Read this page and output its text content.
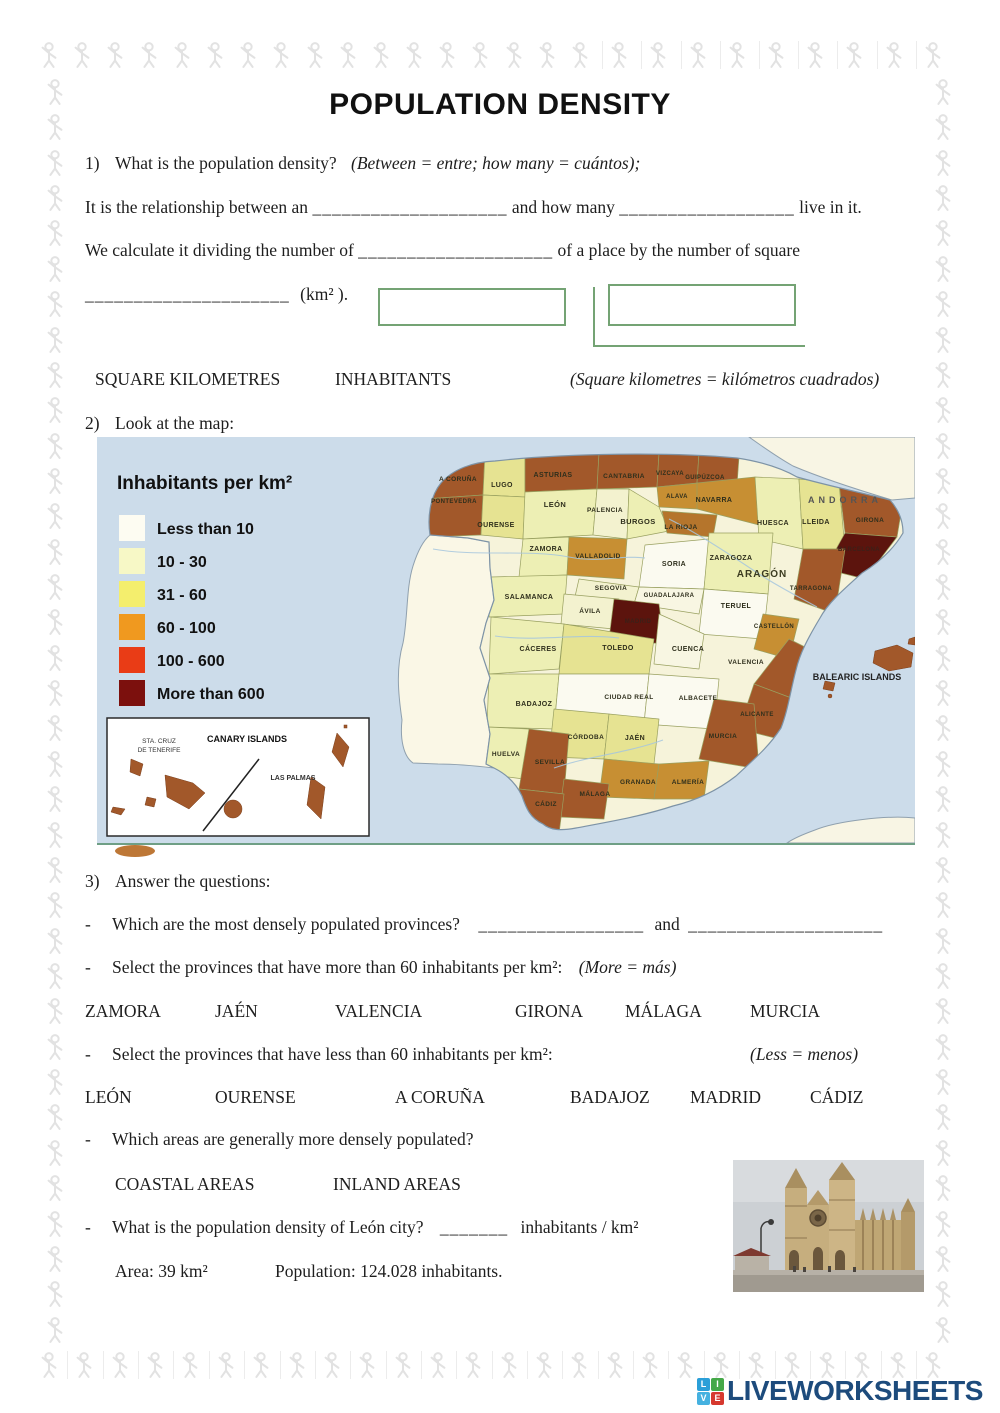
POPULATION DENSITY
1) What is the population density? (Between = entre; how many = cuántos);
It is the relationship between an ____________________ and how many __________________ live in it.
We calculate it dividing the number of ____________________ of a place by the number of square
_____________________ (km² ).
SQUARE KILOMETRES	INHABITANTS	(Square kilometres = kilómetros cuadrados)
2) Look at the map:
A CORUÑA
LUGO
PONTEVEDRA
OURENSE
ASTURIAS	CANTABRIA VIZCAYA
GUIPÚZCOA
ALAVA NAVARRA
LEÓN
PALENCIA
BURGOS
LA RIOJA
HUESCA LLEIDA	GIRONA
BARCELONA
ZAMORA
VALLADOLID
SORIA
ZARAGOZA
TARRAGONA
SEGOVIA
GUADALAJARA
SALAMANCA
ÁVILA
MADRID
TERUEL
CASTELLÓN
VALENCIA
CUENCA
CÁCERES	TOLEDO
BADAJOZ
CIUDAD REAL	ALBACETE
ALICANTE
MURCIA
CÓRDOBA	JAÉN
HUELVA
SEVILLA
GRANADA ALMERÍA
MÁLAGA
CÁDIZ
ANDORRA
ARAGÓN
BALEARIC ISLANDS
Inhabitants per km²
Less than 10
10 - 30
31 - 60
60 - 100
100 - 600
More than 600
STA. CRUZ
DE TENERIFE
CANARY ISLANDS
LAS PALMAS
3) Answer the questions:
- Which are the most densely populated provinces? _________________ and ____________________
- Select the provinces that have more than 60 inhabitants per km²: (More = más)
ZAMORA	JAÉN	VALENCIA	GIRONA MÁLAGA	MURCIA
- Select the provinces that have less than 60 inhabitants per km²:	(Less = menos)
LEÓN	OURENSE	A CORUÑA	BADAJOZ MADRID	CÁDIZ
- Which areas are generally more densely populated?
COASTAL AREAS	INLAND AREAS
- What is the population density of León city? _______ inhabitants / km²
Area: 39 km²	Population: 124.028 inhabitants.
L	I
V E LIVEWORKSHEETS
